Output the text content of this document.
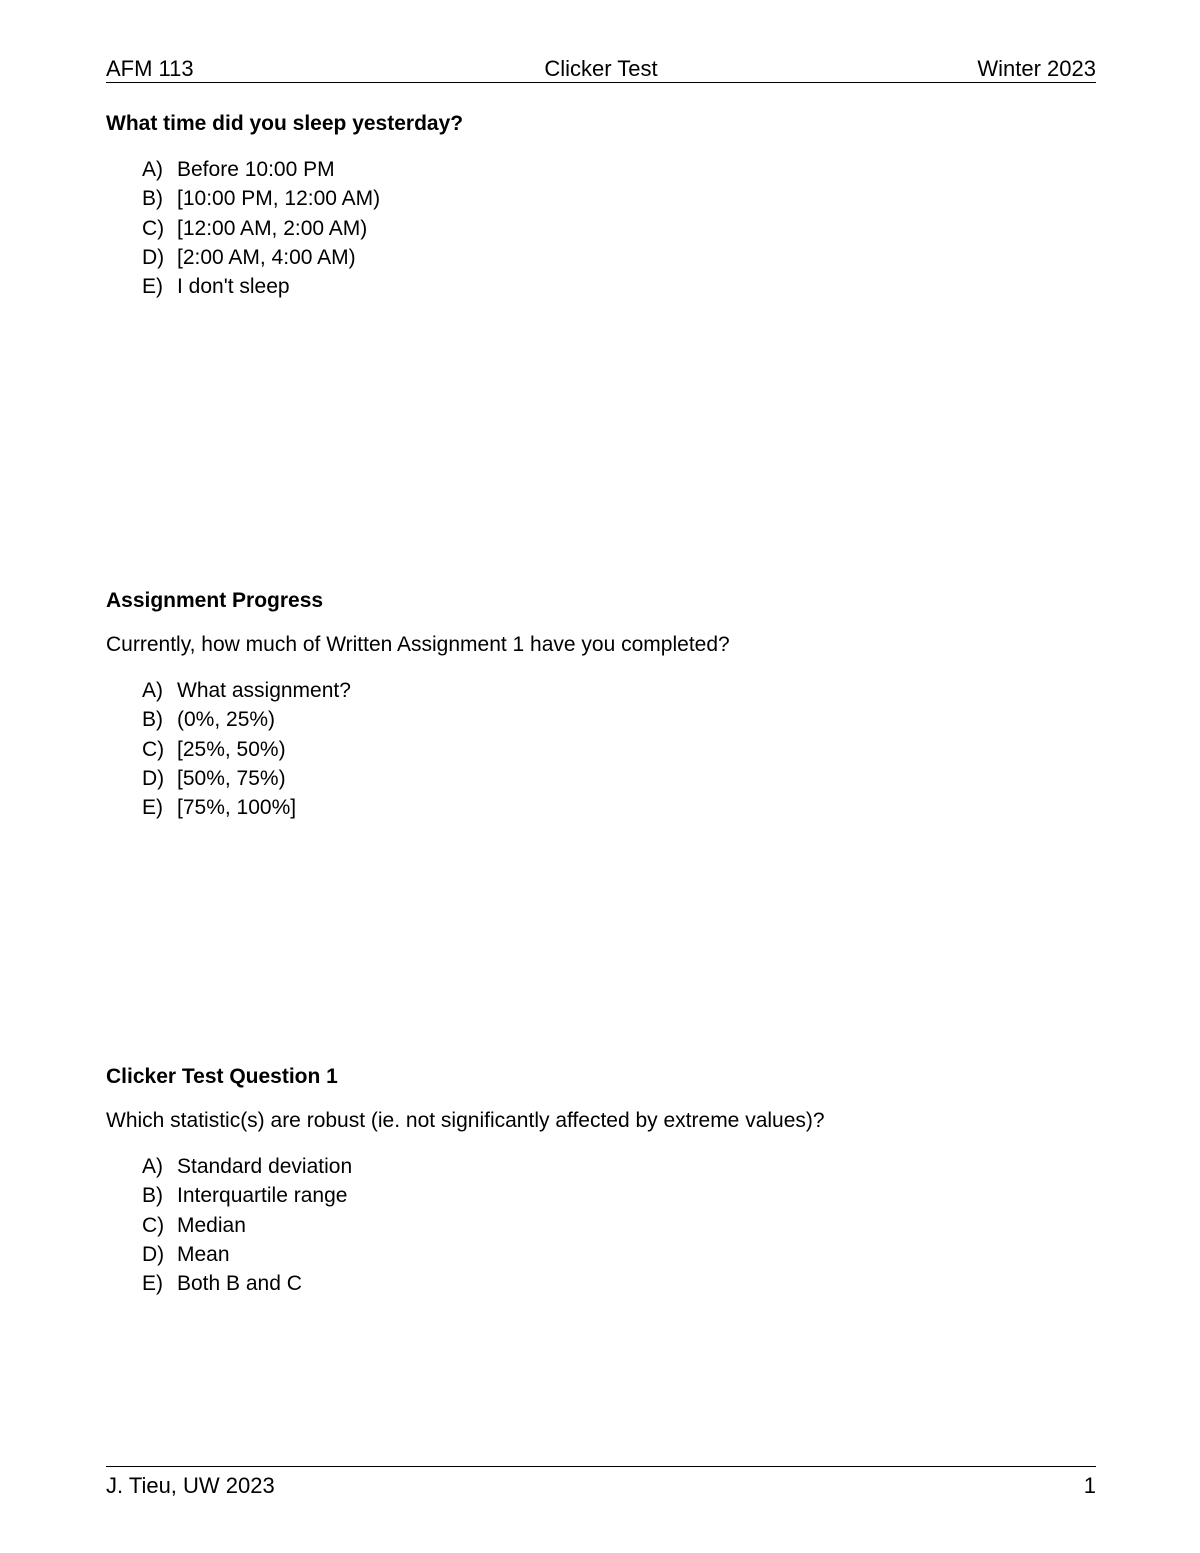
AFM 113	Clicker Test	Winter 2023
What time did you sleep yesterday?
A) Before 10:00 PM
B) [10:00 PM, 12:00 AM)
C) [12:00 AM, 2:00 AM)
D) [2:00 AM, 4:00 AM)
E) I don't sleep
Assignment Progress
Currently, how much of Written Assignment 1 have you completed?
A) What assignment?
B) (0%, 25%)
C) [25%, 50%)
D) [50%, 75%)
E) [75%, 100%]
Clicker Test Question 1
Which statistic(s) are robust (ie. not significantly affected by extreme values)?
A) Standard deviation
B) Interquartile range
C) Median
D) Mean
E) Both B and C
J. Tieu, UW 2023	1
